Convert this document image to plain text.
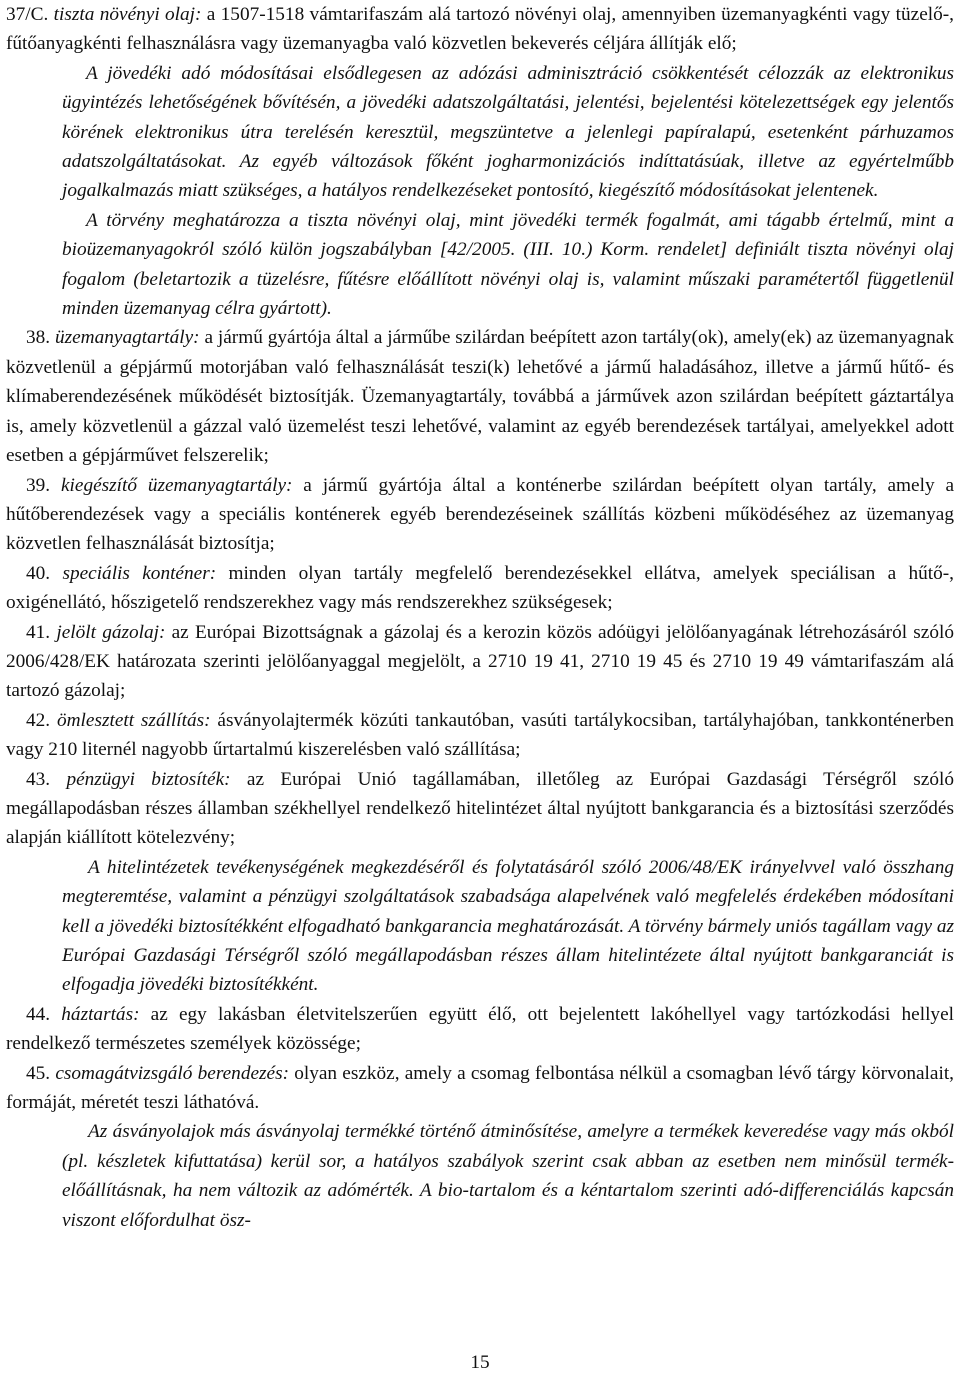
37/C. tiszta növényi olaj: a 1507-1518 vámtarifaszám alá tartozó növényi olaj, amennyiben üzemanyagkénti vagy tüzelő-, fűtőanyagkénti felhasználásra vagy üzemanyagba való közvetlen bekeverés céljára állítják elő;

A jövedéki adó módosításai elsődlegesen az adózási adminisztráció csökkentését célozzák az elektronikus ügyintézés lehetőségének bővítésén, a jövedéki adatszolgáltatási, jelentési, bejelentési kötelezettségek egy jelentős körének elektronikus útra terelésén keresztül, megszüntetve a jelenlegi papíralapú, esetenként párhuzamos adatszolgáltatásokat. Az egyéb változások főként jogharmonizációs indíttatásúak, illetve az egyértelműbb jogalkalmazás miatt szükséges, a hatályos rendelkezéseket pontosító, kiegészítő módosításokat jelentenek.

A törvény meghatározza a tiszta növényi olaj, mint jövedéki termék fogalmát, ami tágabb értelmű, mint a bioüzemanyagokról szóló külön jogszabályban [42/2005. (III. 10.) Korm. rendelet] definiált tiszta növényi olaj fogalom (beletartozik a tüzelésre, fűtésre előállított növényi olaj is, valamint műszaki paramétertől függetlenül minden üzemanyag célra gyártott).

38. üzemanyagtartály: a jármű gyártója által a járműbe szilárdan beépített azon tartály(ok), amely(ek) az üzemanyagnak közvetlenül a gépjármű motorjában való felhasználását teszi(k) lehetővé a jármű haladásához, illetve a jármű hűtő- és klímaberendezésének működését biztosítják. Üzemanyagtartály, továbbá a járművek azon szilárdan beépített gáztartálya is, amely közvetlenül a gázzal való üzemelést teszi lehetővé, valamint az egyéb berendezések tartályai, amelyekkel adott esetben a gépjárművet felszerelik;

39. kiegészítő üzemanyagtartály: a jármű gyártója által a konténerbe szilárdan beépített olyan tartály, amely a hűtőberendezések vagy a speciális konténerek egyéb berendezéseinek szállítás közbeni működéséhez az üzemanyag közvetlen felhasználását biztosítja;

40. speciális konténer: minden olyan tartály megfelelő berendezésekkel ellátva, amelyek speciálisan a hűtő-, oxigénellátó, hőszigetelő rendszerekhez vagy más rendszerekhez szükségesek;

41. jelölt gázolaj: az Európai Bizottságnak a gázolaj és a kerozin közös adóügyi jelölőanyagának létrehozásáról szóló 2006/428/EK határozata szerinti jelölőanyaggal megjelölt, a 2710 19 41, 2710 19 45 és 2710 19 49 vámtarifaszám alá tartozó gázolaj;

42. ömlesztett szállítás: ásványolajtermék közúti tankautóban, vasúti tartálykocsiban, tartályhajóban, tankkonténerben vagy 210 liternél nagyobb űrtartalmú kiszerelésben való szállítása;

43. pénzügyi biztosíték: az Európai Unió tagállamában, illetőleg az Európai Gazdasági Térségről szóló megállapodásban részes államban székhellyel rendelkező hitelintézet által nyújtott bankgarancia és a biztosítási szerződés alapján kiállított kötelezvény;

A hitelintézetek tevékenységének megkezdéséről és folytatásáról szóló 2006/48/EK irányelvvel való összhang megteremtése, valamint a pénzügyi szolgáltatások szabadsága alapelvének való megfelelés érdekében módosítani kell a jövedéki biztosítékként elfogadható bankgarancia meghatározását. A törvény bármely uniós tagállam vagy az Európai Gazdasági Térségről szóló megállapodásban részes állam hitelintézete által nyújtott bankgaranciát is elfogadja jövedéki biztosítékként.

44. háztartás: az egy lakásban életvitelszerűen együtt élő, ott bejelentett lakóhellyel vagy tartózkodási hellyel rendelkező természetes személyek közössége;

45. csomagátvizsgáló berendezés: olyan eszköz, amely a csomag felbontása nélkül a csomagban lévő tárgy körvonalait, formáját, méretét teszi láthatóvá.

Az ásványolajok más ásványolaj termékké történő átminősítése, amelyre a termékek keveredése vagy más okból (pl. készletek kifuttatása) kerül sor, a hatályos szabályok szerint csak abban az esetben nem minősül termék-előállításnak, ha nem változik az adómérték. A bio-tartalom és a kéntartalom szerinti adó-differenciálás kapcsán viszont előfordulhat ösz-

15
